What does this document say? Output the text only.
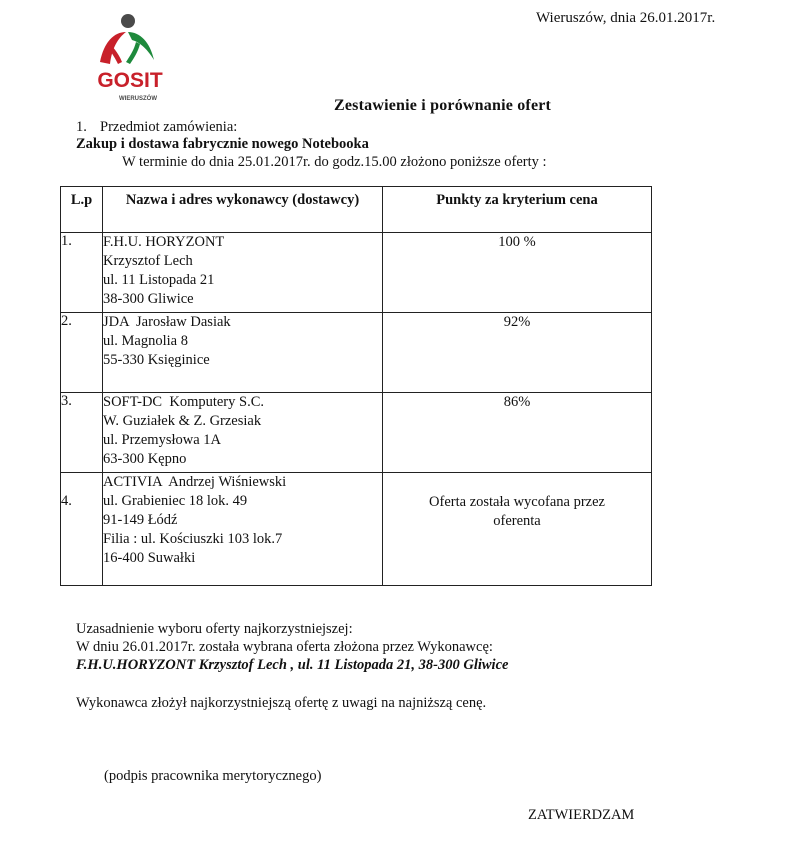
Wieruszów, dnia 26.01.2017r.
GOSIT
WIERUSZÓW	Zestawienie i porównanie ofert
1. Przedmiot zamówienia:
Zakup i dostawa fabrycznie nowego Notebooka
W terminie do dnia 25.01.2017r. do godz.15.00 złożono poniższe oferty :
L.p	Nazwa i adres wykonawcy (dostawcy)	Punkty za kryterium cena
1.	F.H.U. HORYZONT
Krzysztof Lech
ul. 11 Listopada 21
38-300 Gliwice	100 %
2.	JDA  Jarosław Dasiak
ul. Magnolia 8
55-330 Księginice	92%
3.	SOFT-DC  Komputery S.C.
W. Guziałek & Z. Grzesiak
ul. Przemysłowa 1A
63-300 Kępno	86%
4.	ACTIVIA  Andrzej Wiśniewski
ul. Grabieniec 18 lok. 49
91-149 Łódź
Filia : ul. Kościuszki 103 lok.7
16-400 Suwałki	Oferta została wycofana przez
oferenta
Uzasadnienie wyboru oferty najkorzystniejszej:
W dniu 26.01.2017r. została wybrana oferta złożona przez Wykonawcę:
F.H.U.HORYZONT Krzysztof Lech , ul. 11 Listopada 21, 38-300 Gliwice
Wykonawca złożył najkorzystniejszą ofertę z uwagi na najniższą cenę.
(podpis pracownika merytorycznego)
ZATWIERDZAM
